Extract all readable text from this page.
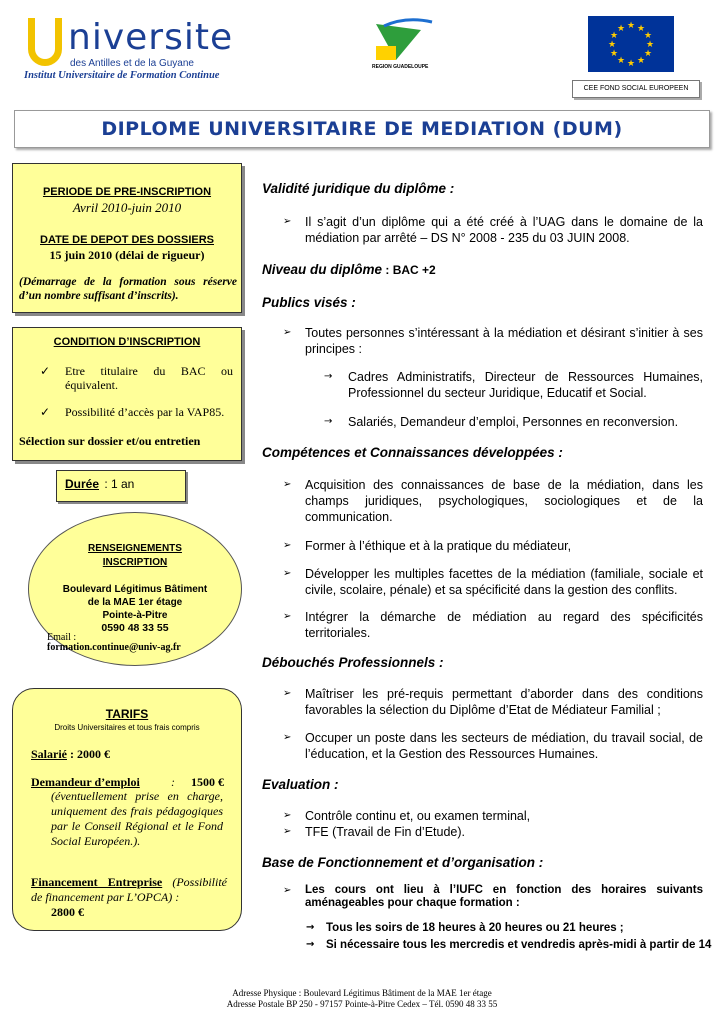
niversite
des Antilles et de la Guyane
Institut Universitaire de Formation Continue
REGION GUADELOUPE
★ ★
★
★
★
★
★
★
★
★
★
★
CEE FOND SOCIAL EUROPEEN
DIPLOME UNIVERSITAIRE DE MEDIATION (DUM)
PERIODE DE PRE-INSCRIPTION
Avril 2010-juin 2010
DATE DE DEPOT DES DOSSIERS
15 juin 2010 (délai de rigueur)
(Démarrage de la formation sous réserve d’un nombre suffisant d’inscrits).
CONDITION D’INSCRIPTION
✓ Etre titulaire du BAC ou équivalent.
✓ Possibilité d’accès par la VAP85.
Sélection sur dossier et/ou entretien
Durée : 1 an
RENSEIGNEMENTS
INSCRIPTION
Boulevard Légitimus Bâtiment
de la MAE 1er étage
Pointe-à-Pitre
0590 48 33 55
Email :
formation.continue@univ-ag.fr
TARIFS
Droits Universitaires et tous frais compris
Salarié : 2000 €
Demandeur d’emploi	: 1500 €
(éventuellement prise en charge, uniquement des frais pédagogiques par le Conseil Régional et le Fond Social Européen.).
Financement Entreprise (Possibilité de financement par L’OPCA) :
2800 €
Validité juridique du diplôme :
➢ Il s’agit d’un diplôme qui a été créé à l’UAG dans le domaine de la médiation par arrêté – DS N° 2008 - 235 du 03 JUIN 2008.
Niveau du diplôme : BAC +2
Publics visés :
➢ Toutes personnes s’intéressant à la médiation et désirant s’initier à ses principes :
→ Cadres Administratifs, Directeur de Ressources Humaines, Professionnel du secteur Juridique, Educatif et Social.
→ Salariés, Demandeur d’emploi, Personnes en reconversion.
Compétences et Connaissances développées :
➢ Acquisition des connaissances de base de la médiation, dans les champs juridiques, psychologiques, sociologiques et de la communication.
➢ Former à l’éthique et à la pratique du médiateur,
➢ Développer les multiples facettes de la médiation (familiale, sociale et civile, scolaire, pénale) et sa spécificité dans la gestion des conflits.
➢ Intégrer la démarche de médiation au regard des spécificités territoriales.
Débouchés Professionnels :
➢ Maîtriser les pré-requis permettant d’aborder dans des conditions favorables la sélection du Diplôme d’Etat de Médiateur Familial ;
➢ Occuper un poste dans les secteurs de médiation, du travail social, de l’éducation, et la Gestion des Ressources Humaines.
Evaluation :
➢ Contrôle continu et, ou examen terminal,
➢ TFE (Travail de Fin d’Etude).
Base de Fonctionnement et d’organisation :
➢ Les cours ont lieu à l’IUFC en fonction des horaires suivants aménageables pour chaque formation :
→ Tous les soirs de 18 heures à 20 heures ou 21 heures ;
→ Si nécessaire tous les mercredis et vendredis après-midi à partir de 14
Adresse Physique : Boulevard Légitimus Bâtiment de la MAE 1er étage
Adresse Postale BP 250 - 97157 Pointe-à-Pitre Cedex – Tél. 0590 48 33 55
